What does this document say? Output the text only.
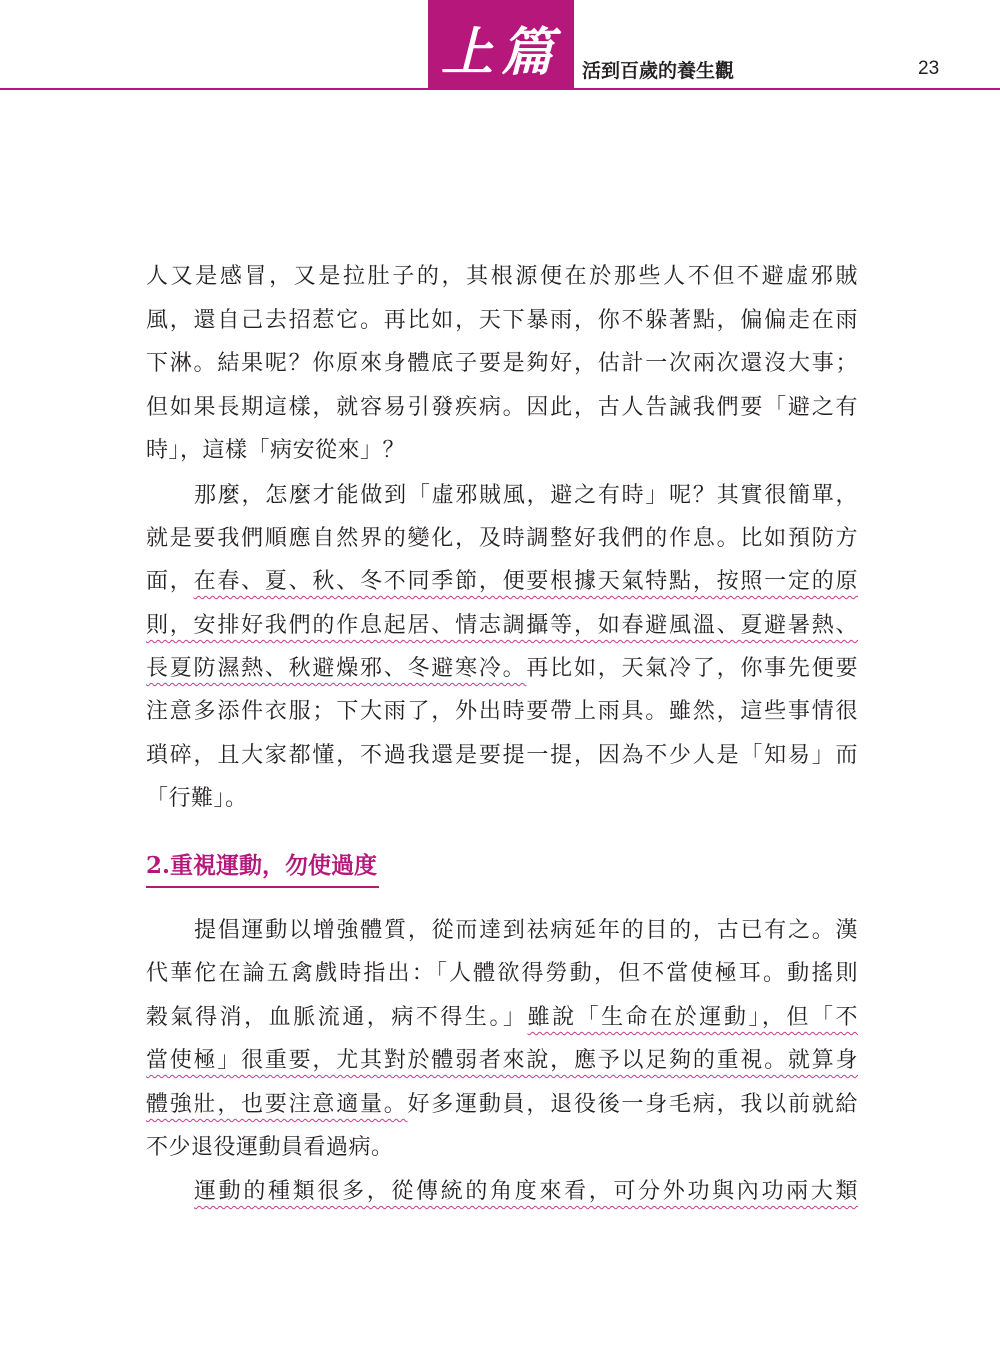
上篇	活到百歲的養生觀	23
人又是感冒，又是拉肚子的，其根源便在於那些人不但不避虛邪賊
風，還自己去招惹它。再比如，天下暴雨，你不躲著點，偏偏走在雨
下淋。結果呢？你原來身體底子要是夠好，估計一次兩次還沒大事；
但如果長期這樣，就容易引發疾病。因此，古人告誡我們要「避之有
時」，這樣「病安從來」？
那麼，怎麼才能做到「虛邪賊風，避之有時」呢？其實很簡單，
就是要我們順應自然界的變化，及時調整好我們的作息。比如預防方
面，在春、夏、秋、冬不同季節，便要根據天氣特點，按照一定的原
則，安排好我們的作息起居、情志調攝等，如春避風溫、夏避暑熱、
長夏防濕熱、秋避燥邪、冬避寒冷。再比如，天氣冷了，你事先便要
注意多添件衣服；下大雨了，外出時要帶上雨具。雖然，這些事情很
瑣碎，且大家都懂，不過我還是要提一提，因為不少人是「知易」而
「行難」。
2.重視運動，勿使過度
提倡運動以增強體質，從而達到祛病延年的目的，古已有之。漢
代華佗在論五禽戲時指出：「人體欲得勞動，但不當使極耳。動搖則
穀氣得消，血脈流通，病不得生。」雖說「生命在於運動」，但「不
當使極」很重要，尤其對於體弱者來說，應予以足夠的重視。就算身
體強壯，也要注意適量。好多運動員，退役後一身毛病，我以前就給
不少退役運動員看過病。
運動的種類很多，從傳統的角度來看，可分外功與內功兩大類
